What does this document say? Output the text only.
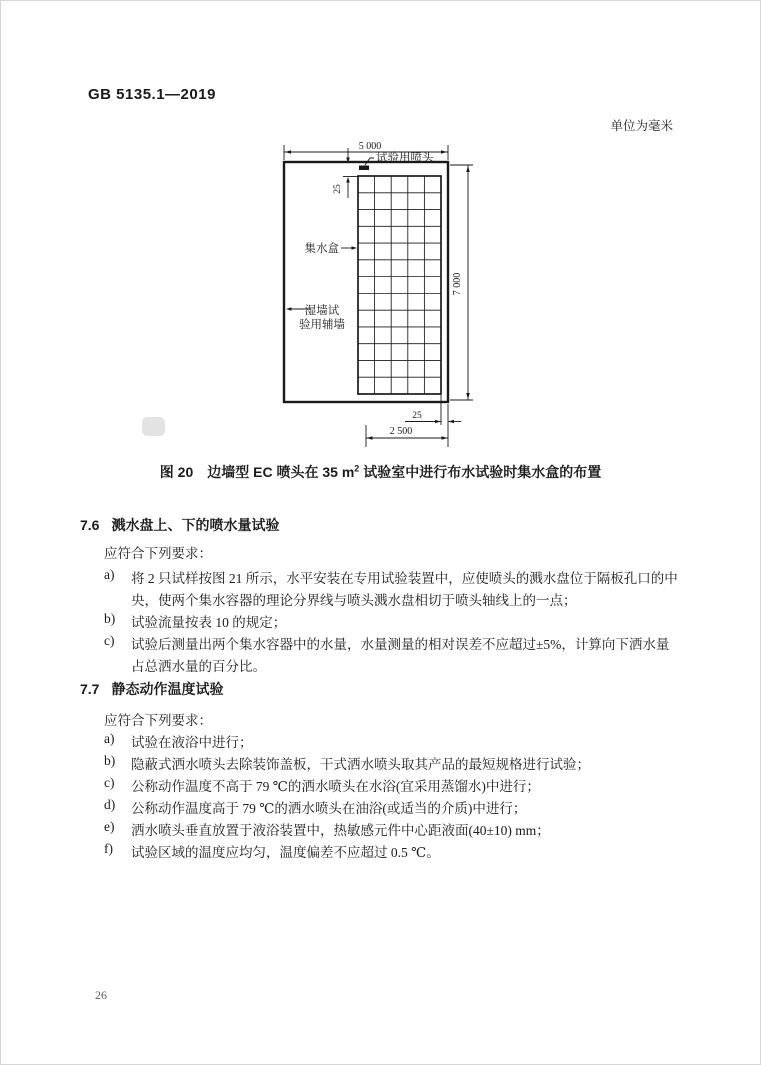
GB 5135.1—2019
单位为毫米
5 000
25
试验用喷头
集水盒
湿墙试
验用辅墙
7 000
25
2 500
图 20 边墙型 EC 喷头在 35 $m^2$ 试验室中进行布水试验时集水盒的布置
7.6 溅水盘上、下的喷水量试验
应符合下列要求：
a)	将 2 只试样按图 21 所示，水平安装在专用试验装置中，应使喷头的溅水盘位于隔板孔口的中
央，使两个集水容器的理论分界线与喷头溅水盘相切于喷头轴线上的一点；
b)	试验流量按表 10 的规定；
c)	试验后测量出两个集水容器中的水量，水量测量的相对误差不应超过±5%，计算向下洒水量
占总洒水量的百分比。
7.7 静态动作温度试验
应符合下列要求：
a)	试验在液浴中进行；
b)	隐蔽式洒水喷头去除装饰盖板，干式洒水喷头取其产品的最短规格进行试验；
c)	公称动作温度不高于 79 ℃的洒水喷头在水浴(宜采用蒸馏水)中进行；
d)	公称动作温度高于 79 ℃的洒水喷头在油浴(或适当的介质)中进行；
e)	洒水喷头垂直放置于液浴装置中，热敏感元件中心距液面(40±10) mm；
f)	试验区域的温度应均匀，温度偏差不应超过 0.5 ℃。
26
